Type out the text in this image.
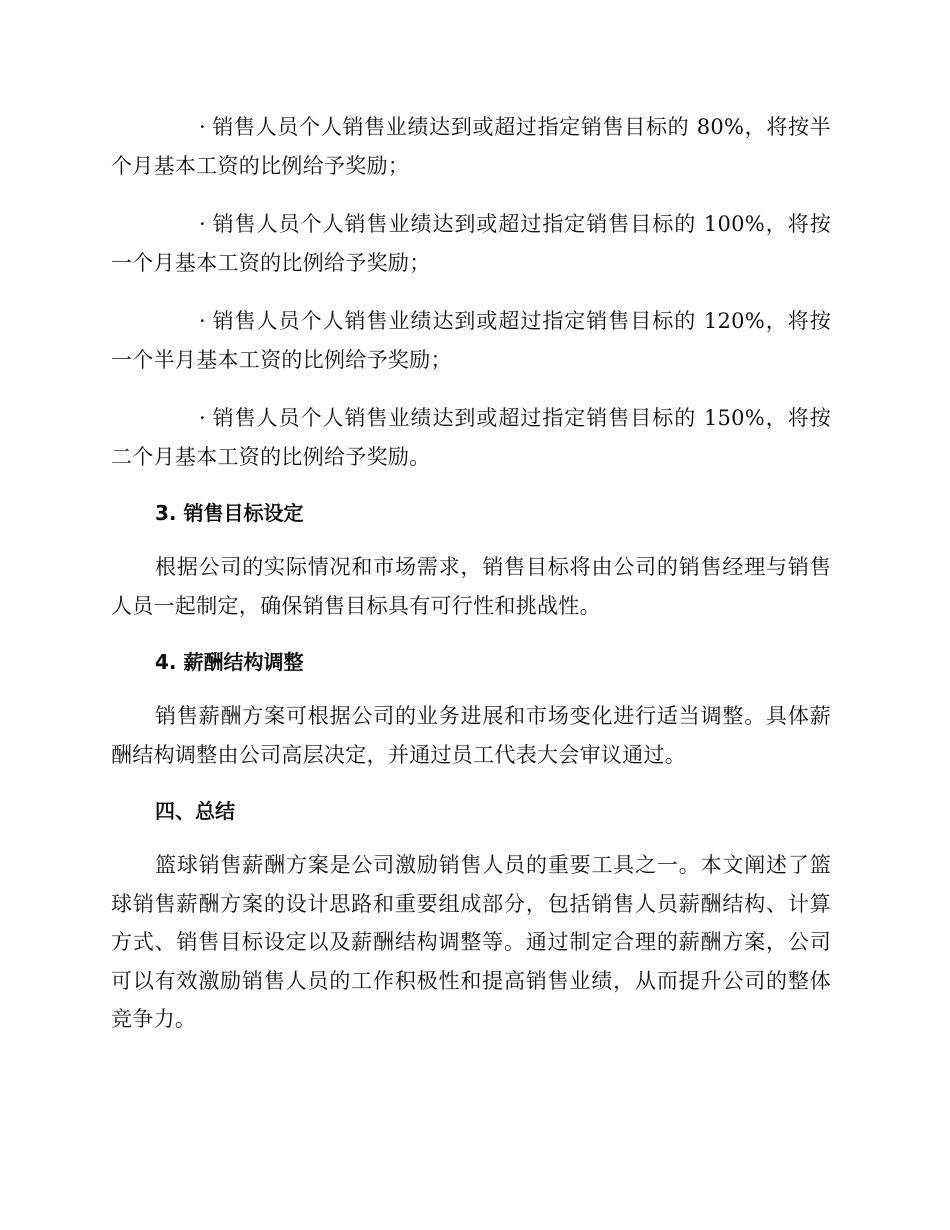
· 销售人员个人销售业绩达到或超过指定销售目标的 80%，将按半个月基本工资的比例给予奖励；

· 销售人员个人销售业绩达到或超过指定销售目标的 100%，将按一个月基本工资的比例给予奖励；

· 销售人员个人销售业绩达到或超过指定销售目标的 120%，将按一个半月基本工资的比例给予奖励；

· 销售人员个人销售业绩达到或超过指定销售目标的 150%，将按二个月基本工资的比例给予奖励。

3. 销售目标设定

根据公司的实际情况和市场需求，销售目标将由公司的销售经理与销售人员一起制定，确保销售目标具有可行性和挑战性。

4. 薪酬结构调整

销售薪酬方案可根据公司的业务进展和市场变化进行适当调整。具体薪酬结构调整由公司高层决定，并通过员工代表大会审议通过。

四、总结

篮球销售薪酬方案是公司激励销售人员的重要工具之一。本文阐述了篮球销售薪酬方案的设计思路和重要组成部分，包括销售人员薪酬结构、计算方式、销售目标设定以及薪酬结构调整等。通过制定合理的薪酬方案，公司可以有效激励销售人员的工作积极性和提高销售业绩，从而提升公司的整体竞争力。
